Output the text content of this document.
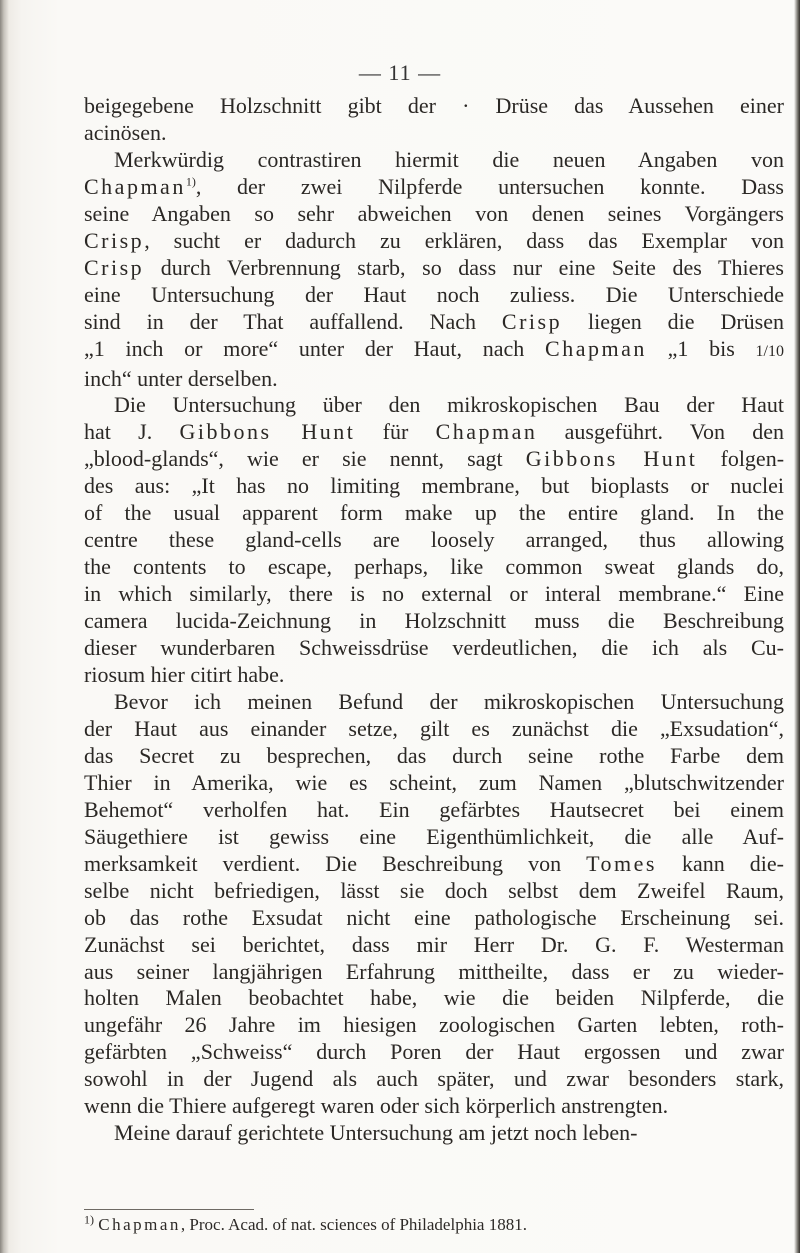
— 11 —
beigegebene Holzschnitt gibt der · Drüse das Aussehen einer
acinösen.
Merkwürdig contrastiren hiermit die neuen Angaben von
Chapman$^{1)}$, der zwei Nilpferde untersuchen konnte. Dass
seine Angaben so sehr abweichen von denen seines Vorgängers
Crisp, sucht er dadurch zu erklären, dass das Exemplar von
Crisp durch Verbrennung starb, so dass nur eine Seite des Thieres
eine Untersuchung der Haut noch zuliess. Die Unterschiede
sind in der That auffallend. Nach Crisp liegen die Drüsen
„1 inch or more“ unter der Haut, nach Chapman „1 bis 1/10
inch“ unter derselben.
Die Untersuchung über den mikroskopischen Bau der Haut
hat J. Gibbons Hunt für Chapman ausgeführt. Von den
„blood-glands“, wie er sie nennt, sagt Gibbons Hunt folgen-
des aus: „It has no limiting membrane, but bioplasts or nuclei
of the usual apparent form make up the entire gland. In the
centre these gland-cells are loosely arranged, thus allowing
the contents to escape, perhaps, like common sweat glands do,
in which similarly, there is no external or interal membrane.“ Eine
camera lucida-Zeichnung in Holzschnitt muss die Beschreibung
dieser wunderbaren Schweissdrüse verdeutlichen, die ich als Cu-
riosum hier citirt habe.
Bevor ich meinen Befund der mikroskopischen Untersuchung
der Haut aus einander setze, gilt es zunächst die „Exsudation“,
das Secret zu besprechen, das durch seine rothe Farbe dem
Thier in Amerika, wie es scheint, zum Namen „blutschwitzender
Behemot“ verholfen hat. Ein gefärbtes Hautsecret bei einem
Säugethiere ist gewiss eine Eigenthümlichkeit, die alle Auf-
merksamkeit verdient. Die Beschreibung von Tomes kann die-
selbe nicht befriedigen, lässt sie doch selbst dem Zweifel Raum,
ob das rothe Exsudat nicht eine pathologische Erscheinung sei.
Zunächst sei berichtet, dass mir Herr Dr. G. F. Westerman
aus seiner langjährigen Erfahrung mittheilte, dass er zu wieder-
holten Malen beobachtet habe, wie die beiden Nilpferde, die
ungefähr 26 Jahre im hiesigen zoologischen Garten lebten, roth-
gefärbten „Schweiss“ durch Poren der Haut ergossen und zwar
sowohl in der Jugend als auch später, und zwar besonders stark,
wenn die Thiere aufgeregt waren oder sich körperlich anstrengten.
Meine darauf gerichtete Untersuchung am jetzt noch leben-
$^{1)}$ Chapman, Proc. Acad. of nat. sciences of Philadelphia 1881.
